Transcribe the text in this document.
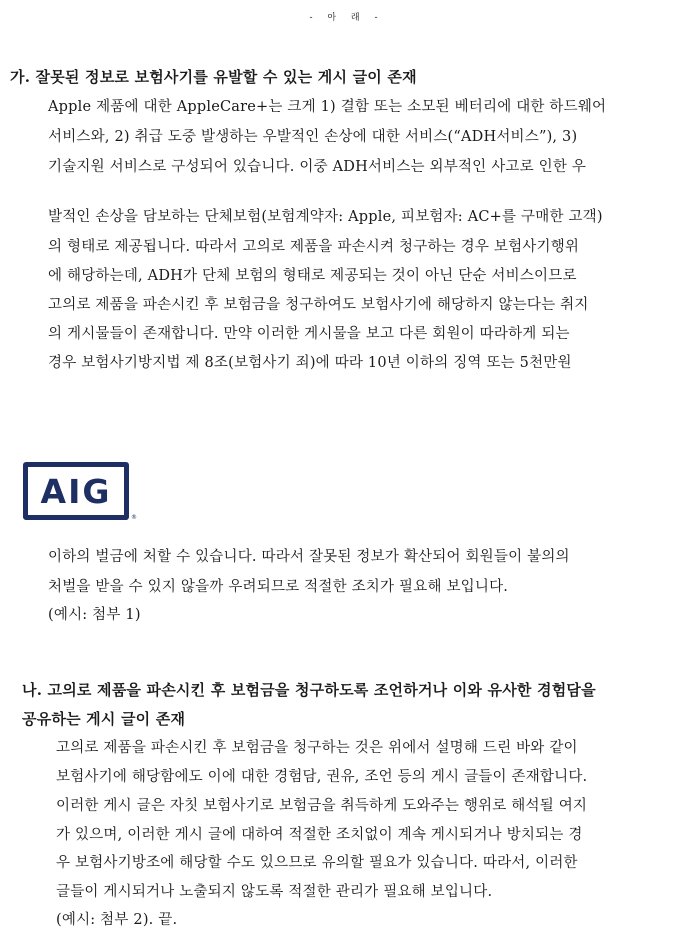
- 아 래 -
가. 잘못된 정보로 보험사기를 유발할 수 있는 게시 글이 존재
Apple 제품에 대한 AppleCare+는 크게 1) 결함 또는 소모된 베터리에 대한 하드웨어
서비스와, 2) 취급 도중 발생하는 우발적인 손상에 대한 서비스(“ADH서비스”), 3)
기술지원 서비스로 구성되어 있습니다. 이중 ADH서비스는 외부적인 사고로 인한 우
발적인 손상을 담보하는 단체보험(보험계약자: Apple, 피보험자: AC+를 구매한 고객)
의 형태로 제공됩니다. 따라서 고의로 제품을 파손시켜 청구하는 경우 보험사기행위
에 해당하는데, ADH가 단체 보험의 형태로 제공되는 것이 아닌 단순 서비스이므로
고의로 제품을 파손시킨 후 보험금을 청구하여도 보험사기에 해당하지 않는다는 취지
의 게시물들이 존재합니다. 만약 이러한 게시물을 보고 다른 회원이 따라하게 되는
경우 보험사기방지법 제 8조(보험사기 죄)에 따라 10년 이하의 징역 또는 5천만원
AIG
®
이하의 벌금에 처할 수 있습니다. 따라서 잘못된 정보가 확산되어 회원들이 불의의
처벌을 받을 수 있지 않을까 우려되므로 적절한 조치가 필요해 보입니다.
(예시: 첨부 1)
나. 고의로 제품을 파손시킨 후 보험금을 청구하도록 조언하거나 이와 유사한 경험담을
공유하는 게시 글이 존재
고의로 제품을 파손시킨 후 보험금을 청구하는 것은 위에서 설명해 드린 바와 같이
보험사기에 해당함에도 이에 대한 경험담, 권유, 조언 등의 게시 글들이 존재합니다.
이러한 게시 글은 자칫 보험사기로 보험금을 취득하게 도와주는 행위로 해석될 여지
가 있으며, 이러한 게시 글에 대하여 적절한 조치없이 계속 게시되거나 방치되는 경
우 보험사기방조에 해당할 수도 있으므로 유의할 필요가 있습니다. 따라서, 이러한
글들이 게시되거나 노출되지 않도록 적절한 관리가 필요해 보입니다.
(예시: 첨부 2). 끝.
